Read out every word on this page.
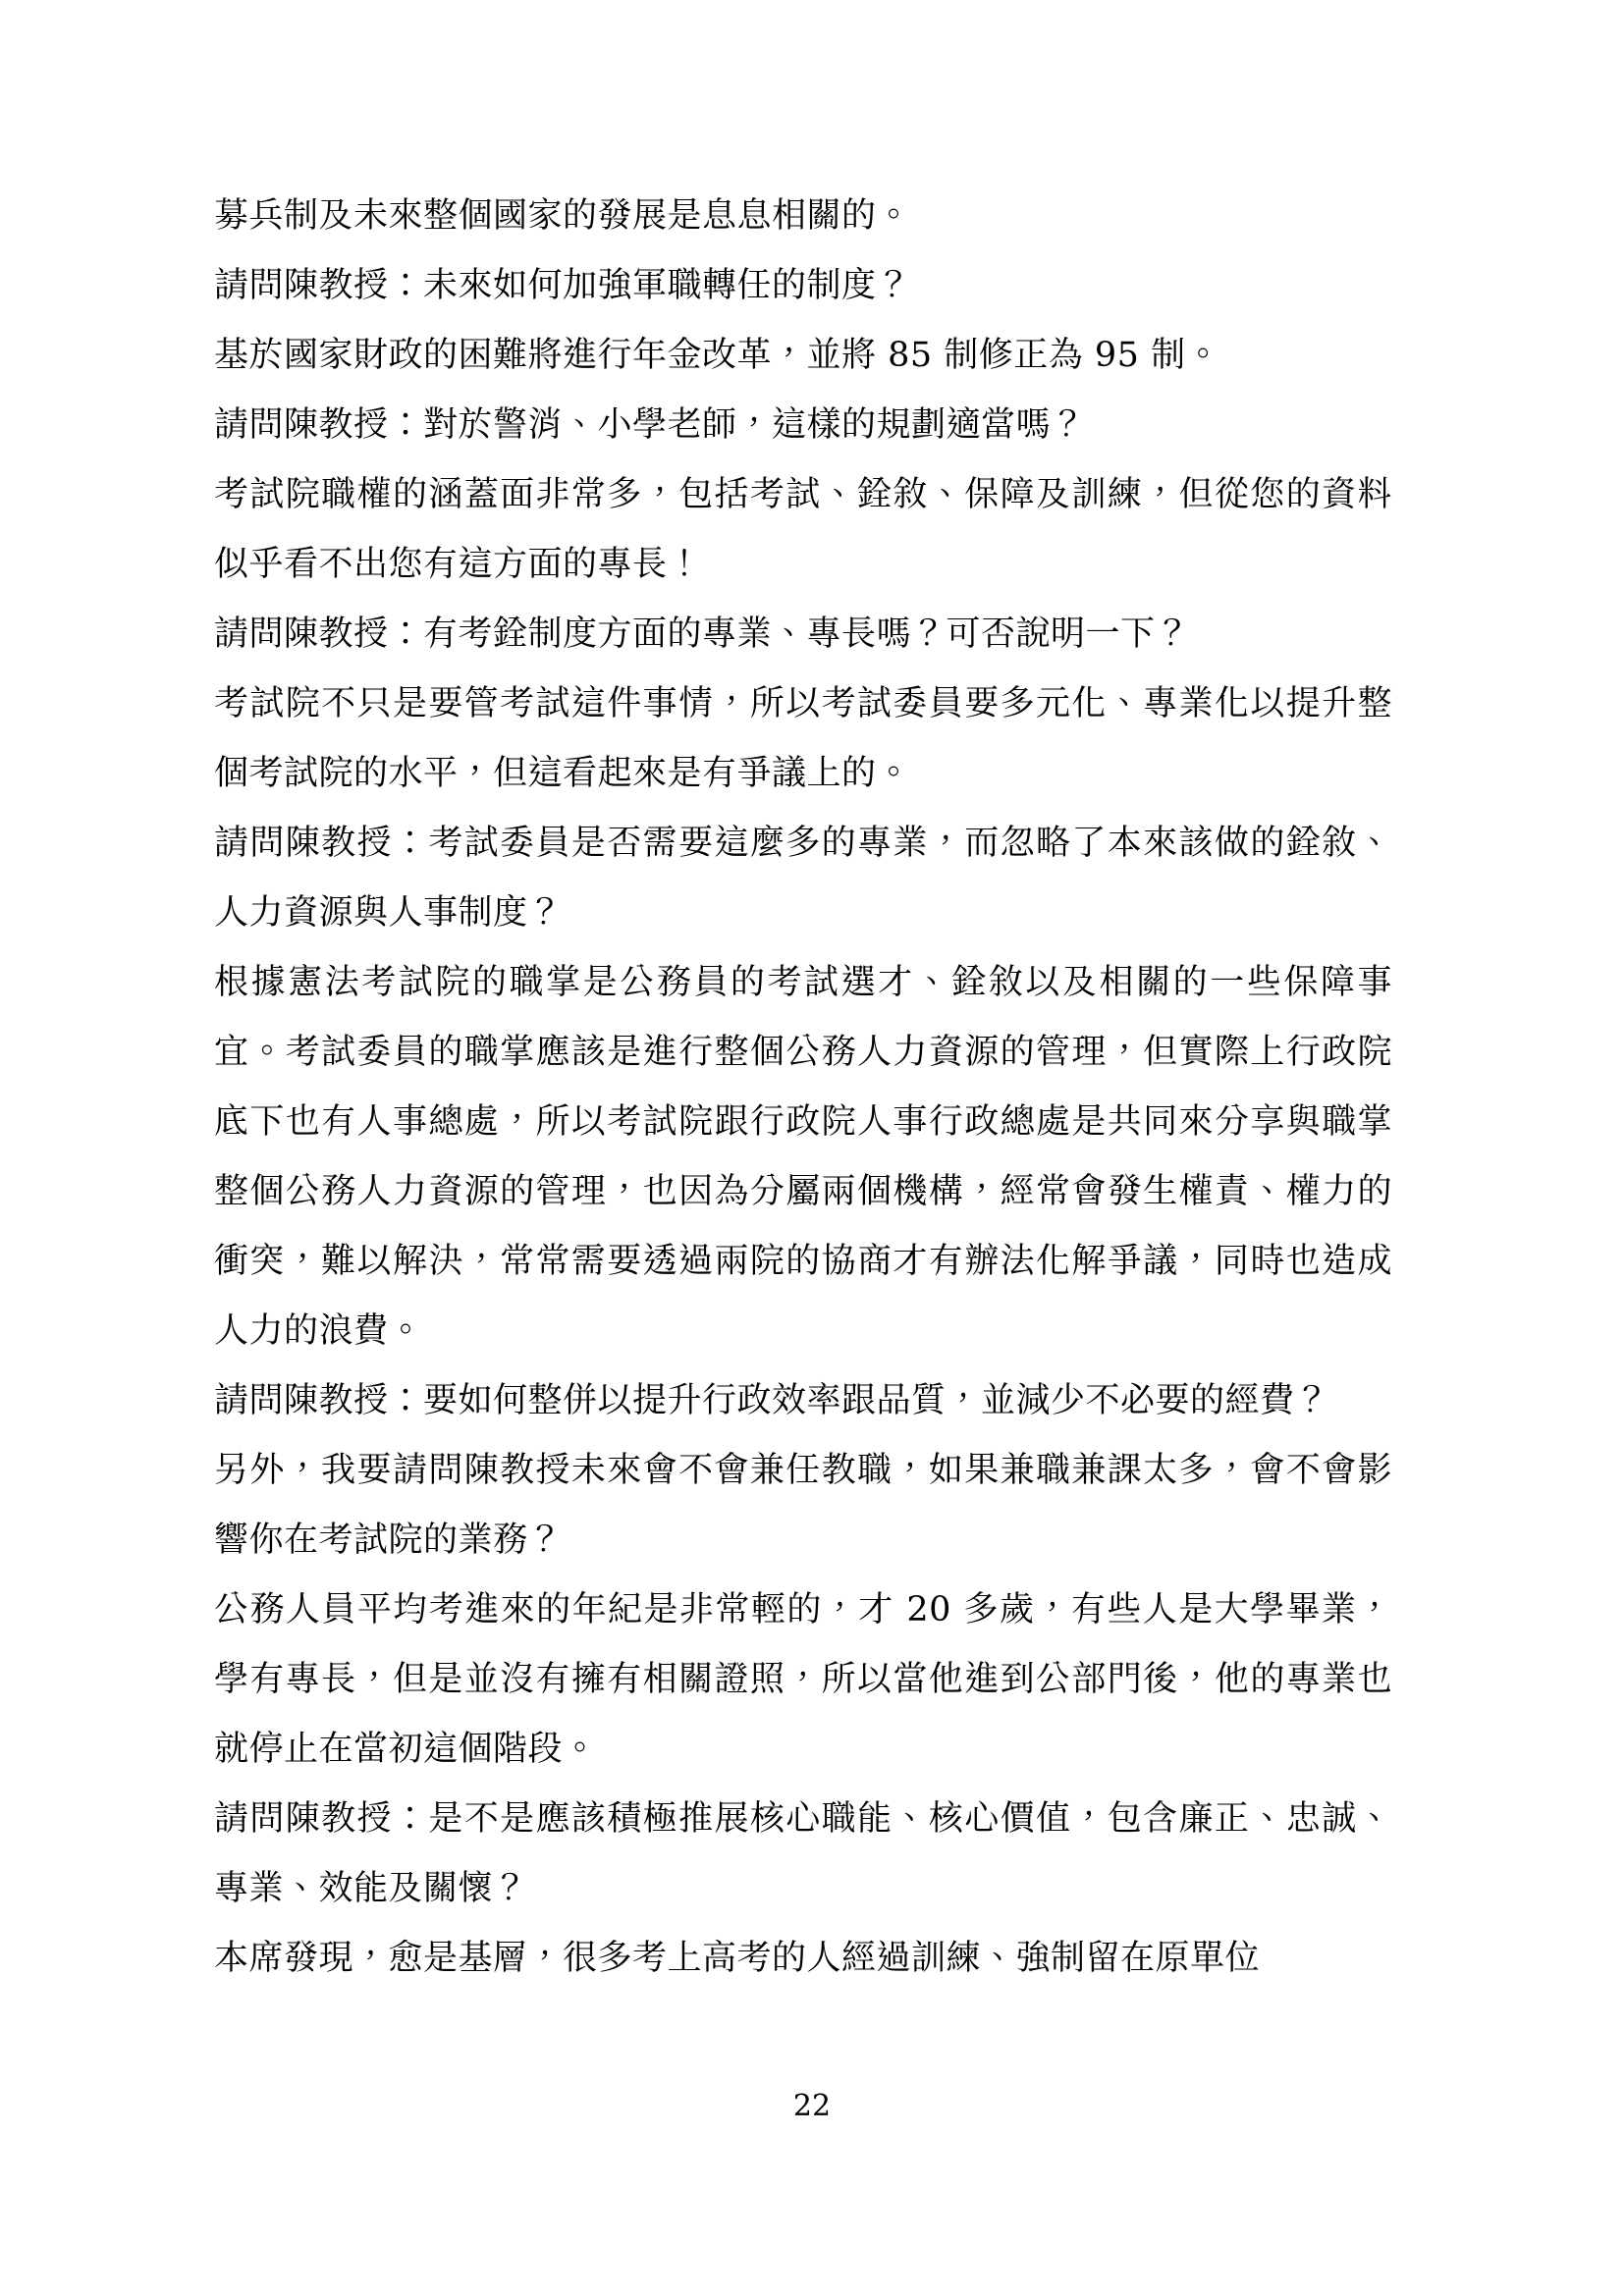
募兵制及未來整個國家的發展是息息相關的。

請問陳教授：未來如何加強軍職轉任的制度？

基於國家財政的困難將進行年金改革，並將 85 制修正為 95 制。

請問陳教授：對於警消、小學老師，這樣的規劃適當嗎？

考試院職權的涵蓋面非常多，包括考試、銓敘、保障及訓練，但從您的資料似乎看不出您有這方面的專長！

請問陳教授：有考銓制度方面的專業、專長嗎？可否說明一下？

考試院不只是要管考試這件事情，所以考試委員要多元化、專業化以提升整個考試院的水平，但這看起來是有爭議上的。

請問陳教授：考試委員是否需要這麼多的專業，而忽略了本來該做的銓敘、人力資源與人事制度？

根據憲法考試院的職掌是公務員的考試選才、銓敘以及相關的一些保障事宜。考試委員的職掌應該是進行整個公務人力資源的管理，但實際上行政院底下也有人事總處，所以考試院跟行政院人事行政總處是共同來分享與職掌整個公務人力資源的管理，也因為分屬兩個機構，經常會發生權責、權力的衝突，難以解決，常常需要透過兩院的協商才有辦法化解爭議，同時也造成人力的浪費。

請問陳教授：要如何整併以提升行政效率跟品質，並減少不必要的經費？

另外，我要請問陳教授未來會不會兼任教職，如果兼職兼課太多，會不會影響你在考試院的業務？

公務人員平均考進來的年紀是非常輕的，才 20 多歲，有些人是大學畢業，學有專長，但是並沒有擁有相關證照，所以當他進到公部門後，他的專業也就停止在當初這個階段。

請問陳教授：是不是應該積極推展核心職能、核心價值，包含廉正、忠誠、專業、效能及關懷？

本席發現，愈是基層，很多考上高考的人經過訓練、強制留在原單位

22
